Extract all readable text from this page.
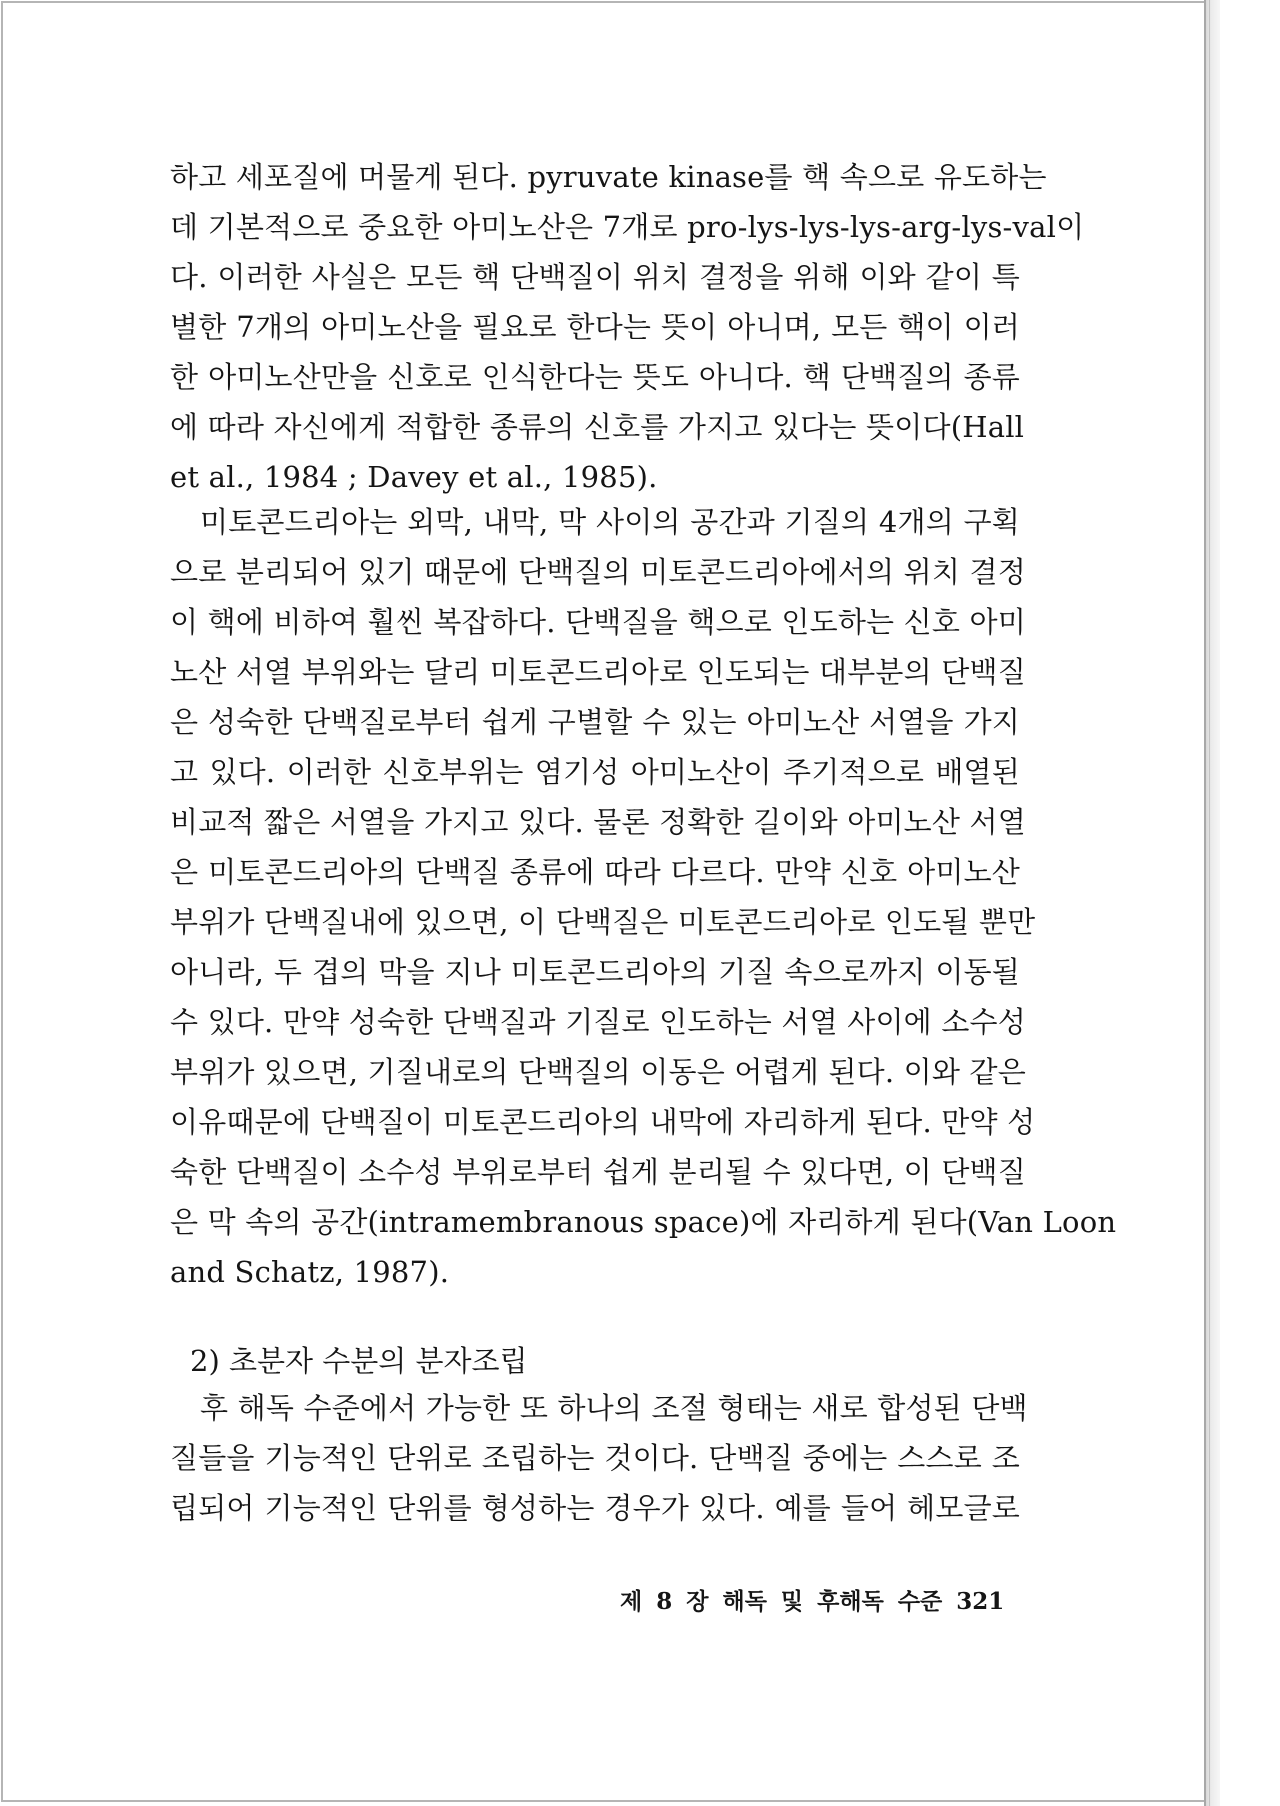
하고 세포질에 머물게 된다. pyruvate kinase를 핵 속으로 유도하는
데 기본적으로 중요한 아미노산은 7개로 pro-lys-lys-lys-arg-lys-val이
다. 이러한 사실은 모든 핵 단백질이 위치 결정을 위해 이와 같이 특
별한 7개의 아미노산을 필요로 한다는 뜻이 아니며, 모든 핵이 이러
한 아미노산만을 신호로 인식한다는 뜻도 아니다. 핵 단백질의 종류
에 따라 자신에게 적합한 종류의 신호를 가지고 있다는 뜻이다(Hall
et al., 1984 ; Davey et al., 1985).
미토콘드리아는 외막, 내막, 막 사이의 공간과 기질의 4개의 구획
으로 분리되어 있기 때문에 단백질의 미토콘드리아에서의 위치 결정
이 핵에 비하여 훨씬 복잡하다. 단백질을 핵으로 인도하는 신호 아미
노산 서열 부위와는 달리 미토콘드리아로 인도되는 대부분의 단백질
은 성숙한 단백질로부터 쉽게 구별할 수 있는 아미노산 서열을 가지
고 있다. 이러한 신호부위는 염기성 아미노산이 주기적으로 배열된
비교적 짧은 서열을 가지고 있다. 물론 정확한 길이와 아미노산 서열
은 미토콘드리아의 단백질 종류에 따라 다르다. 만약 신호 아미노산
부위가 단백질내에 있으면, 이 단백질은 미토콘드리아로 인도될 뿐만
아니라, 두 겹의 막을 지나 미토콘드리아의 기질 속으로까지 이동될
수 있다. 만약 성숙한 단백질과 기질로 인도하는 서열 사이에 소수성
부위가 있으면, 기질내로의 단백질의 이동은 어렵게 된다. 이와 같은
이유때문에 단백질이 미토콘드리아의 내막에 자리하게 된다. 만약 성
숙한 단백질이 소수성 부위로부터 쉽게 분리될 수 있다면, 이 단백질
은 막 속의 공간(intramembranous space)에 자리하게 된다(Van Loon
and Schatz, 1987).
2) 초분자 수분의 분자조립
후 해독 수준에서 가능한 또 하나의 조절 형태는 새로 합성된 단백
질들을 기능적인 단위로 조립하는 것이다. 단백질 중에는 스스로 조
립되어 기능적인 단위를 형성하는 경우가 있다. 예를 들어 헤모글로
제 8 장 해독 및 후해독 수준 321
